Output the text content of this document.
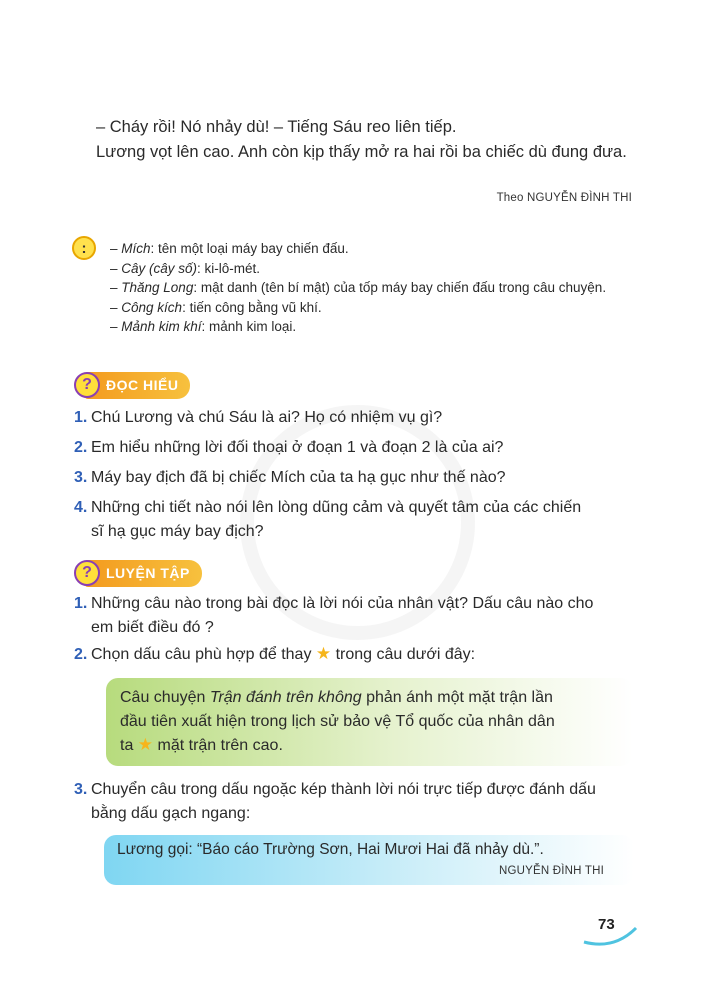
– Cháy rồi! Nó nhảy dù! – Tiếng Sáu reo liên tiếp.

Lương vọt lên cao. Anh còn kịp thấy mở ra hai rồi ba chiếc dù đung đưa.

Theo NGUYỄN ĐÌNH THI
:	– Mích: tên một loại máy bay chiến đấu.

– Cây (cây số): ki-lô-mét.

– Thăng Long: mật danh (tên bí mật) của tốp máy bay chiến đấu trong câu chuyện.

– Công kích: tiến công bằng vũ khí.

– Mảnh kim khí: mảnh kim loại.

ĐỌC HIỂU
?
1. Chú Lương và chú Sáu là ai? Họ có nhiệm vụ gì?
2. Em hiểu những lời đối thoại ở đoạn 1 và đoạn 2 là của ai?
3. Máy bay địch đã bị chiếc Mích của ta hạ gục như thế nào?
4. Những chi tiết nào nói lên lòng dũng cảm và quyết tâm của các chiến
sĩ hạ gục máy bay địch?
LUYỆN TẬP
?
1. Những câu nào trong bài đọc là lời nói của nhân vật? Dấu câu nào cho
em biết điều đó ?
2. Chọn dấu câu phù hợp để thay ★ trong câu dưới đây:
Câu chuyện Trận đánh trên không phản ánh một mặt trận lần
đầu tiên xuất hiện trong lịch sử bảo vệ Tổ quốc của nhân dân
ta ★ mặt trận trên cao.
3. Chuyển câu trong dấu ngoặc kép thành lời nói trực tiếp được đánh dấu
bằng dấu gạch ngang:
Lương gọi: “Báo cáo Trường Sơn, Hai Mươi Hai đã nhảy dù.”.
NGUYỄN ĐÌNH THI
73
